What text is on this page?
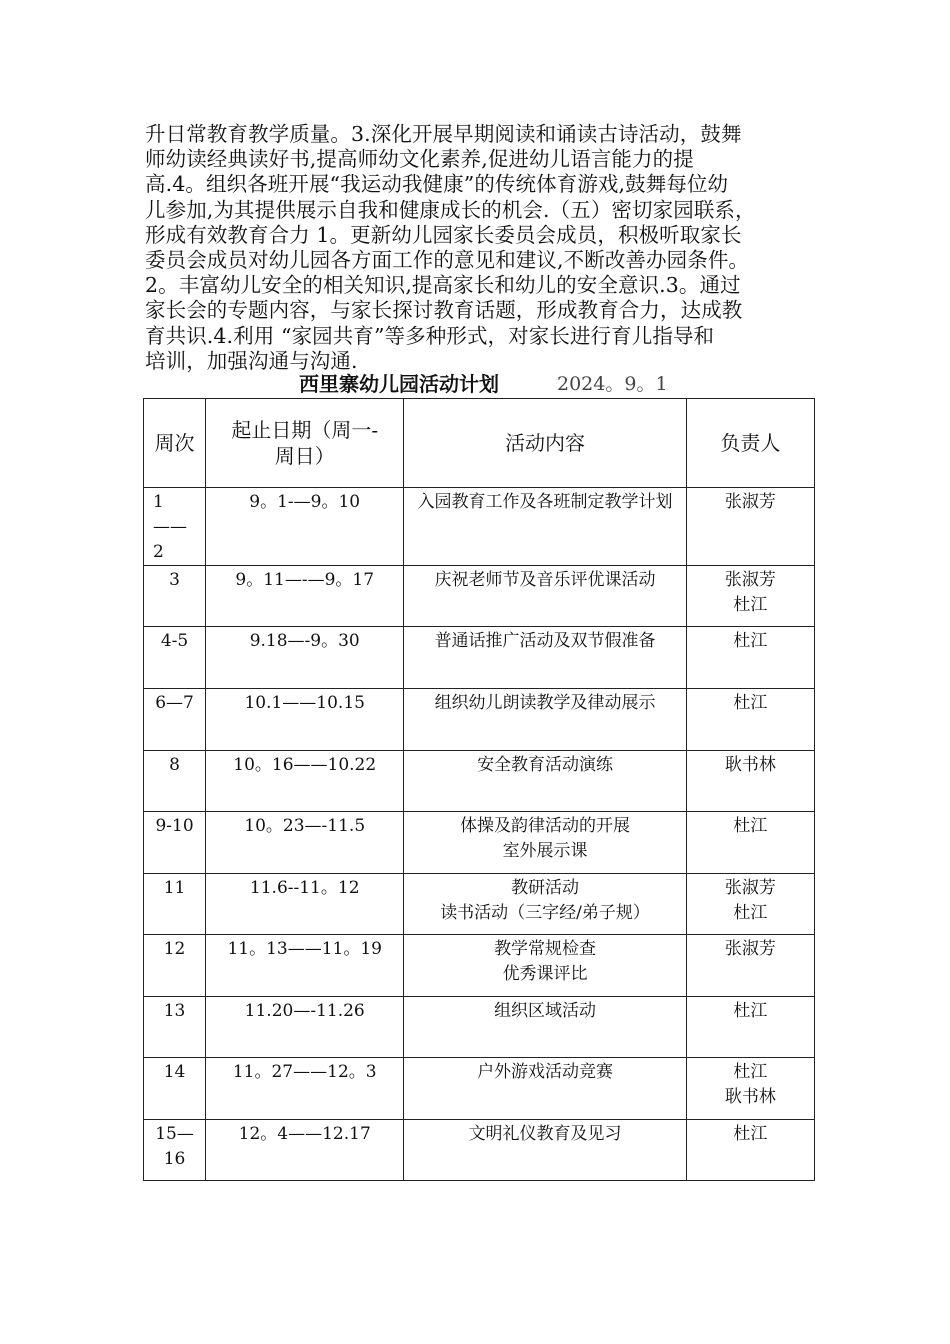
升日常教育教学质量。3.深化开展早期阅读和诵读古诗活动，鼓舞
师幼读经典读好书,提高师幼文化素养,促进幼儿语言能力的提
高.4。组织各班开展“我运动我健康”的传统体育游戏,鼓舞每位幼
儿参加,为其提供展示自我和健康成长的机会.（五）密切家园联系，
形成有效教育合力 1。更新幼儿园家长委员会成员，积极听取家长
委员会成员对幼儿园各方面工作的意见和建议,不断改善办园条件。
2。丰富幼儿安全的相关知识,提高家长和幼儿的安全意识.3。通过
家长会的专题内容，与家长探讨教育话题，形成教育合力，达成教
育共识.4.利用 “家园共育”等多种形式，对家长进行育儿指导和
培训，加强沟通与沟通.
西里寨幼儿园活动计划	2024。9。1
周次	起止日期（周一-周日）	活动内容	负责人

1
——
2	9。1-—9。10	入园教育工作及各班制定教学计划	张淑芳

3	9。11—-—9。17	庆祝老师节及音乐评优课活动	张淑芳
杜江

4-5	9.18—-9。30	普通话推广活动及双节假准备	杜江

6—7	10.1——10.15	组织幼儿朗读教学及律动展示	杜江

8	10。16——10.22	安全教育活动演练	耿书林

9-10	10。23—-11.5	体操及韵律活动的开展
室外展示课	杜江

11	11.6--11。12	教研活动
读书活动（三字经/弟子规）	张淑芳
杜江

12	11。13——11。19	教学常规检查
优秀课评比	张淑芳

13	11.20—-11.26	组织区域活动	杜江

14	11。27——12。3	户外游戏活动竞赛	杜江
耿书林

15—
16	12。4——12.17	文明礼仪教育及见习	杜江
